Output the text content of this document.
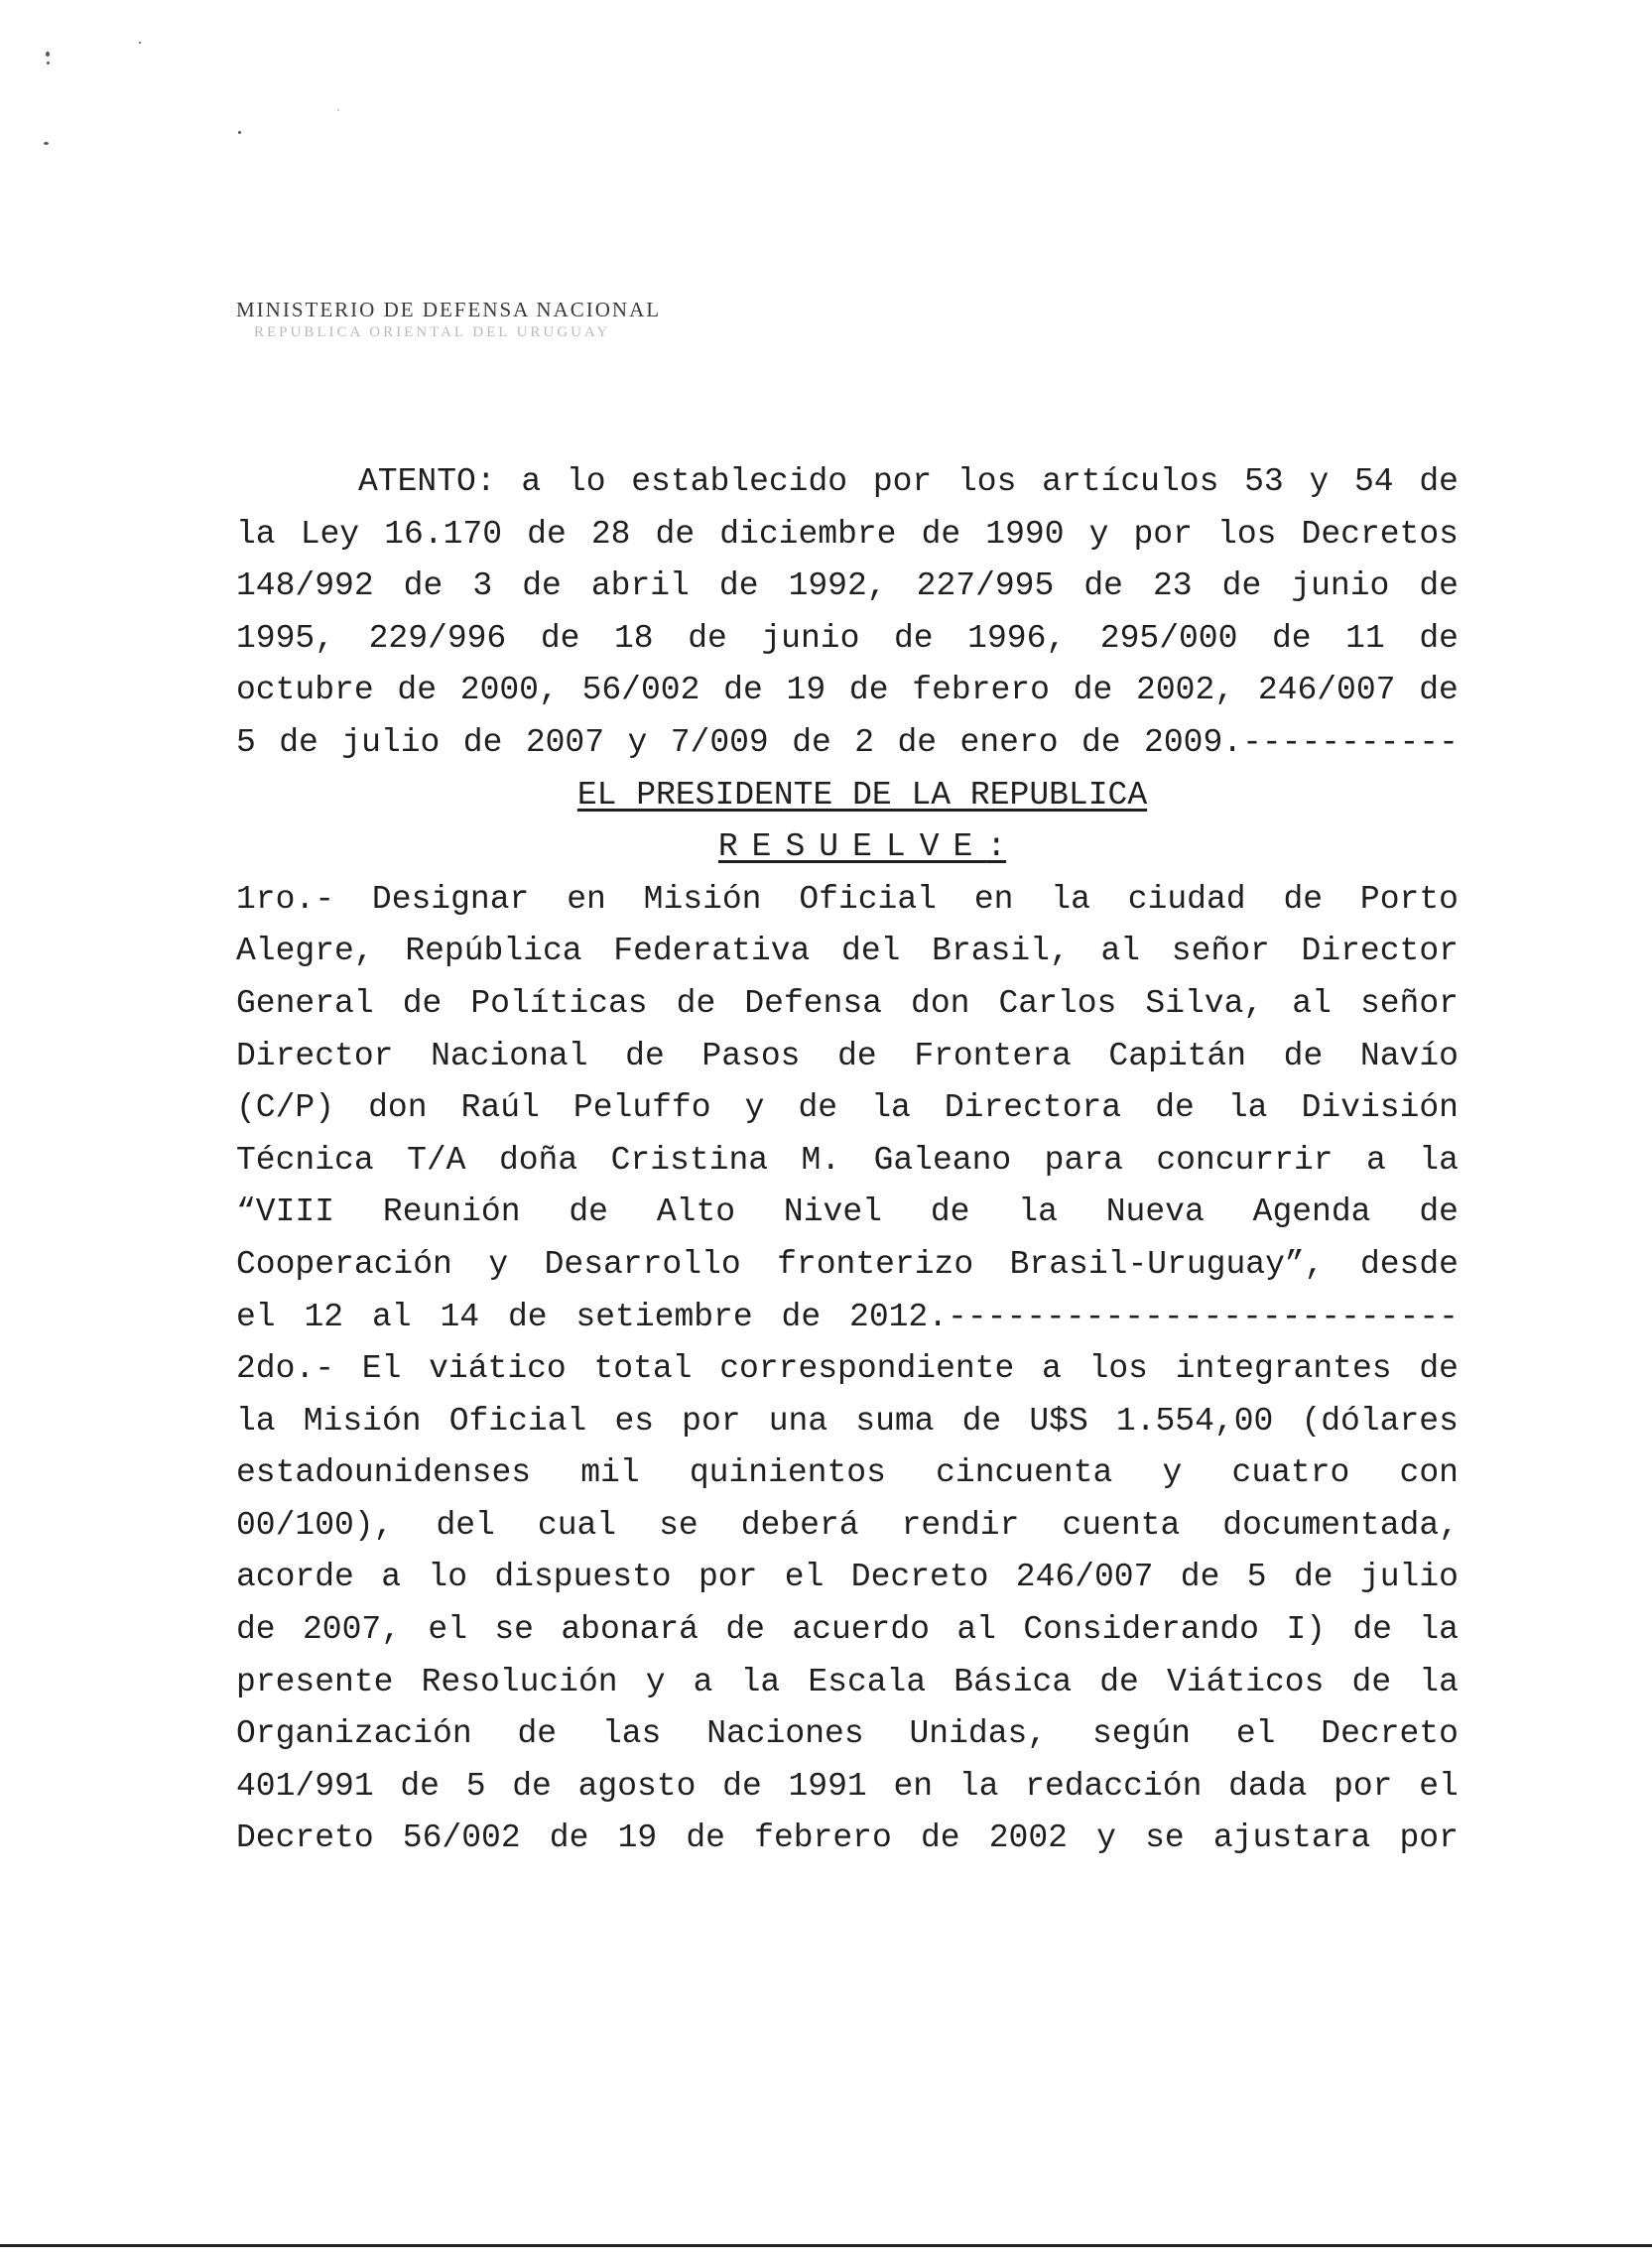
MINISTERIO DE DEFENSA NACIONAL
REPUBLICA ORIENTAL DEL URUGUAY
ATENTO: a lo establecido por los artículos 53 y 54 de
la Ley 16.170 de 28 de diciembre de 1990 y por los Decretos
148/992 de 3 de abril de 1992, 227/995 de 23 de junio de
1995, 229/996 de 18 de junio de 1996, 295/000 de 11 de
octubre de 2000, 56/002 de 19 de febrero de 2002, 246/007 de
5 de julio de 2007 y 7/009 de 2 de enero de 2009.-----------
EL PRESIDENTE DE LA REPUBLICA
RESUELVE :
1ro.- Designar en Misión Oficial en la ciudad de Porto
Alegre, República Federativa del Brasil, al señor Director
General de Políticas de Defensa don Carlos Silva, al señor
Director Nacional de Pasos de Frontera Capitán de Navío
(C/P) don Raúl Peluffo y de la Directora de la División
Técnica T/A doña Cristina M. Galeano para concurrir a la
“VIII Reunión de Alto Nivel de la Nueva Agenda de
Cooperación y Desarrollo fronterizo Brasil-Uruguay”, desde
el 12 al 14 de setiembre de 2012.--------------------------
2do.- El viático total correspondiente a los integrantes de
la Misión Oficial es por una suma de U$S 1.554,00 (dólares
estadounidenses mil quinientos cincuenta y cuatro con
00/100), del cual se deberá rendir cuenta documentada,
acorde a lo dispuesto por el Decreto 246/007 de 5 de julio
de 2007, el se abonará de acuerdo al Considerando I) de la
presente Resolución y a la Escala Básica de Viáticos de la
Organización de las Naciones Unidas, según el Decreto
401/991 de 5 de agosto de 1991 en la redacción dada por el
Decreto 56/002 de 19 de febrero de 2002 y se ajustara por
